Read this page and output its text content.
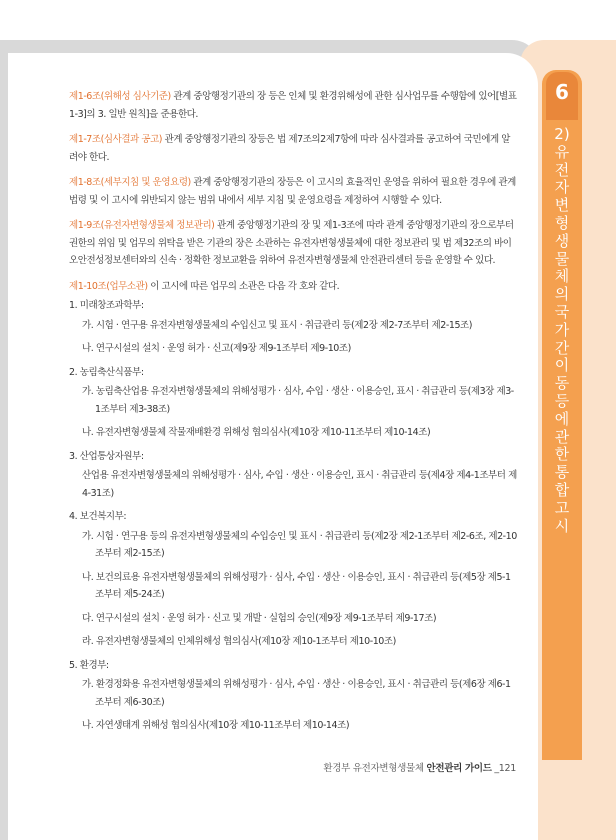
6
2) 유전자변형생물체의 국가간 이동 등에 관한 통합고시

제1-6조(위해성 심사기준) 관계 중앙행정기관의 장 등은 인체 및 환경위해성에 관한 심사업무를 수행함에 있어[별표 1-3]의 3. 일반 원칙]을 준용한다.

제1-7조(심사결과 공고) 관계 중앙행정기관의 장등은 법 제7조의2제7항에 따라 심사결과를 공고하여 국민에게 알려야 한다.

제1-8조(세부지침 및 운영요령) 관계 중앙행정기관의 장등은 이 고시의 효율적인 운영을 위하여 필요한 경우에 관계 법령 및 이 고시에 위반되지 않는 범위 내에서 세부 지침 및 운영요령을 제정하여 시행할 수 있다.

제1-9조(유전자변형생물체 정보관리) 관계 중앙행정기관의 장 및 제1-3조에 따라 관계 중앙행정기관의 장으로부터 권한의 위임 및 업무의 위탁을 받은 기관의 장은 소관하는 유전자변형생물체에 대한 정보관리 및 법 제32조의 바이오안전성정보센터와의 신속 · 정확한 정보교환을 위하여 유전자변형생물체 안전관리센터 등을 운영할 수 있다.

제1-10조(업무소관) 이 고시에 따른 업무의 소관은 다음 각 호와 같다.

1. 미래창조과학부:

가. 시험 · 연구용 유전자변형생물체의 수입신고 및 표시 · 취급관리 등(제2장 제2-7조부터 제2-15조)

나. 연구시설의 설치 · 운영 허가 · 신고(제9장 제9-1조부터 제9-10조)

2. 농림축산식품부:

가. 농림축산업용 유전자변형생물체의 위해성평가 · 심사, 수입 · 생산 · 이용승인, 표시 · 취급관리 등(제3장 제3-1조부터 제3-38조)

나. 유전자변형생물체 작물재배환경 위해성 협의심사(제10장 제10-11조부터 제10-14조)

3. 산업통상자원부:

산업용 유전자변형생물체의 위해성평가 · 심사, 수입 · 생산 · 이용승인, 표시 · 취급관리 등(제4장 제4-1조부터 제4-31조)

4. 보건복지부:

가. 시험 · 연구용 등의 유전자변형생물체의 수입승인 및 표시 · 취급관리 등(제2장 제2-1조부터 제2-6조, 제2-10조부터 제2-15조)

나. 보건의료용 유전자변형생물체의 위해성평가 · 심사, 수입 · 생산 · 이용승인, 표시 · 취급관리 등(제5장 제5-1조부터 제5-24조)

다. 연구시설의 설치 · 운영 허가 · 신고 및 개발 · 실험의 승인(제9장 제9-1조부터 제9-17조)

라. 유전자변형생물체의 인체위해성 협의심사(제10장 제10-1조부터 제10-10조)

5. 환경부:

가. 환경정화용 유전자변형생물체의 위해성평가 · 심사, 수입 · 생산 · 이용승인, 표시 · 취급관리 등(제6장 제6-1조부터 제6-30조)

나. 자연생태계 위해성 협의심사(제10장 제10-11조부터 제10-14조)

환경부 유전자변형생물체 안전관리 가이드 _121
